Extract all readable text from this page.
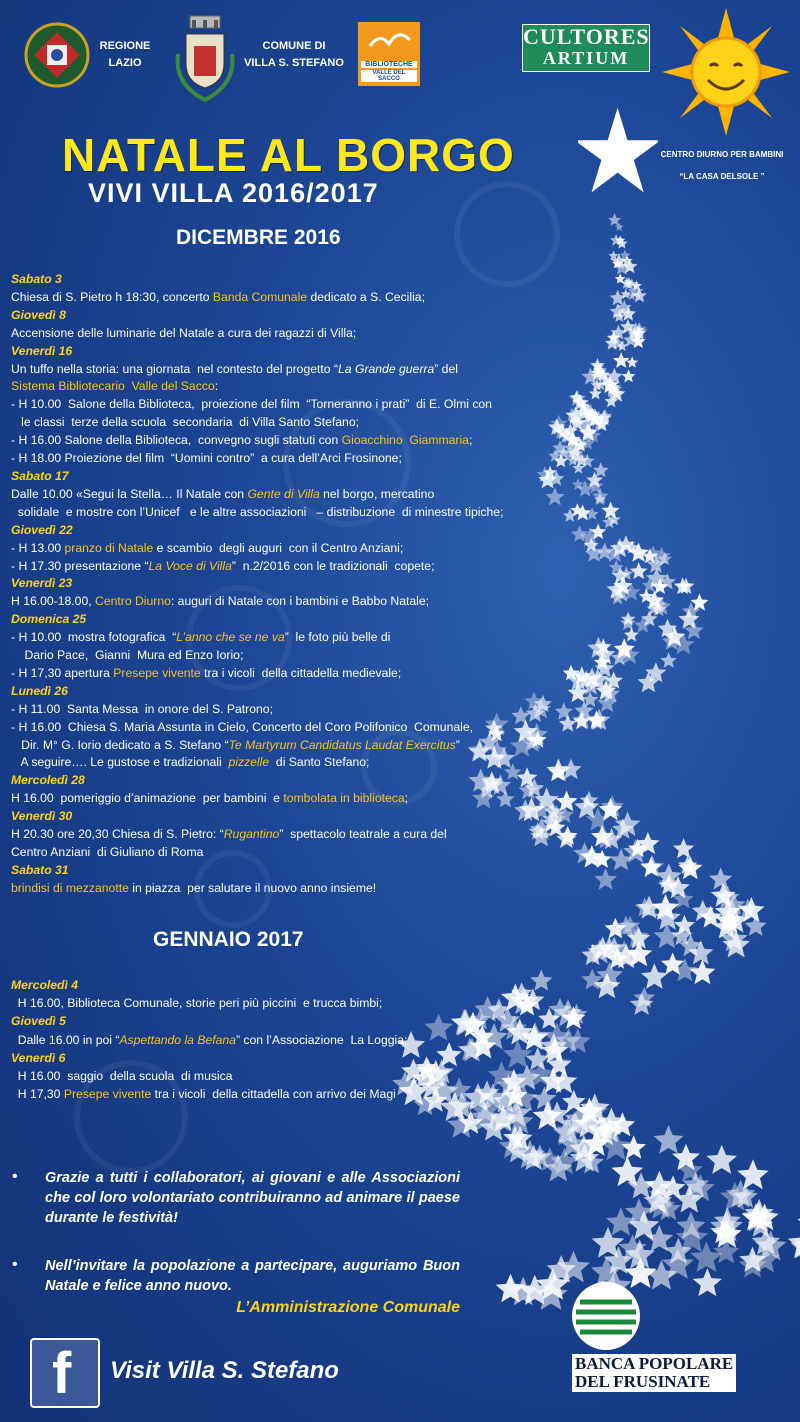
REGIONE
LAZIO
COMUNE DI
VILLA S. STEFANO	BIBLIOTECHE
VALLE DEL SACCO
CULTORES
ARTIUM
CENTRO DIURNO PER BAMBINI
“LA CASA DELSOLE ”
NATALE AL BORGO
VIVI VILLA 2016/2017
DICEMBRE 2016
Sabato 3
Chiesa di S. Pietro h 18:30, concerto Banda Comunale dedicato a S. Cecilia;
Giovedì 8
Accensione delle luminarie del Natale a cura dei ragazzi di Villa;
Venerdì 16
Un tuffo nella storia: una giornata  nel contesto del progetto “La Grande guerra” del
Sistema Bibliotecario  Valle del Sacco:
- H 10.00  Salone della Biblioteca,  proiezione del film  “Torneranno i prati”  di E. Olmi con
le classi  terze della scuola  secondaria  di Villa Santo Stefano;
- H 16.00 Salone della Biblioteca,  convegno sugli statuti con Gioacchino  Giammaria;
- H 18.00 Proiezione del film  “Uomini contro”  a cura dell’Arci Frosinone;
Sabato 17
Dalle 10.00 «Segui la Stella… Il Natale con Gente di Villa nel borgo, mercatino
solidale  e mostre con l’Unicef   e le altre associazioni   – distribuzione  di minestre tipiche;
Giovedì 22
- H 13.00 pranzo di Natale e scambio  degli auguri  con il Centro Anziani;
- H 17.30 presentazione “La Voce di Villa”  n.2/2016 con le tradizionali  copete;
Venerdì 23
H 16.00-18.00, Centro Diurno: auguri di Natale con i bambini e Babbo Natale;
Domenica 25
- H 10.00  mostra fotografica  “L’anno che se ne va”  le foto più belle di
Dario Pace,  Gianni  Mura ed Enzo Iorio;
- H 17,30 apertura Presepe vivente tra i vicoli  della cittadella medievale;
Lunedì 26
- H 11.00  Santa Messa  in onore del S. Patrono;
- H 16.00  Chiesa S. Maria Assunta in Cielo, Concerto del Coro Polifonico  Comunale,
Dir. M° G. Iorio dedicato a S. Stefano “Te Martyrum Candidatus Laudat Exercitus”
A seguire…. Le gustose e tradizionali  pizzelle  di Santo Stefano;
Mercoledì 28
H 16.00  pomeriggio d’animazione  per bambini  e tombolata in biblioteca;
Venerdì 30
H 20.30 ore 20,30 Chiesa di S. Pietro: “Rugantino”  spettacolo teatrale a cura del
Centro Anziani  di Giuliano di Roma
Sabato 31
brindisi di mezzanotte in piazza  per salutare il nuovo anno insieme!
GENNAIO 2017
Mercoledì 4
H 16.00, Biblioteca Comunale, storie peri più piccini  e trucca bimbi;
Giovedì 5
Dalle 16.00 in poi “Aspettando la Befana” con l’Associazione  La Loggia;
Venerdì 6
H 16.00  saggio  della scuola  di musica
H 17,30 Presepe vivente tra i vicoli  della cittadella con arrivo dei Magi
• Grazie a tutti i collaboratori, ai giovani e alle Associazioni che col loro volontariato contribuiranno ad animare il paese durante le festività!
• Nell’invitare la popolazione a partecipare, auguriamo Buon Natale e felice anno nuovo.
L’Amministrazione Comunale
f Visit Villa S. Stefano	BANCA POPOLARE
DEL FRUSINATE
